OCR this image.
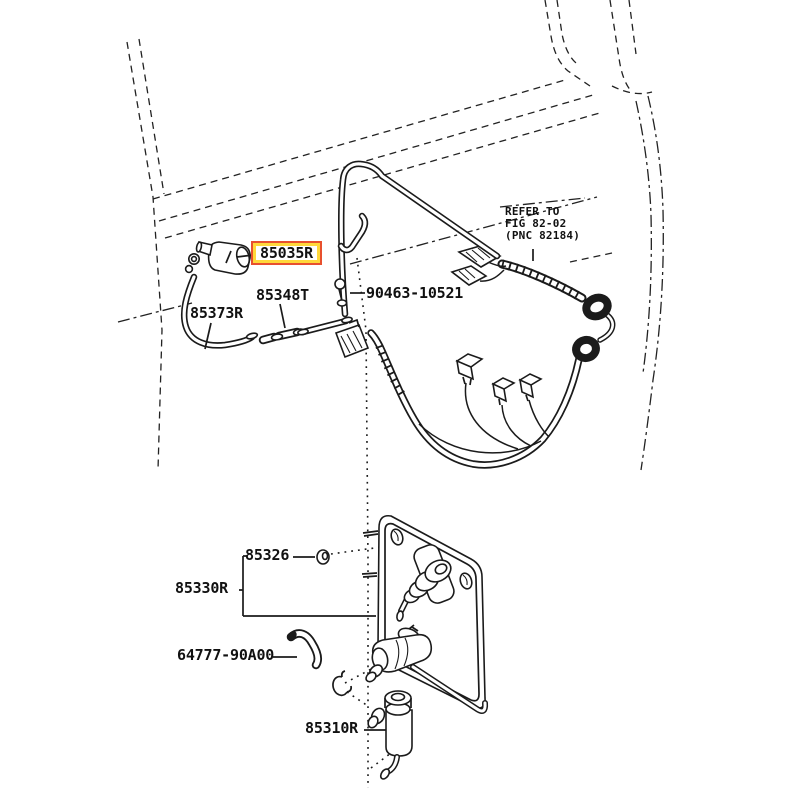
85035R
85373R
85348T	90463-10521
85326
85330R
64777-90A00
85310R
REFER TO
FIG 82-02
(PNC 82184)
